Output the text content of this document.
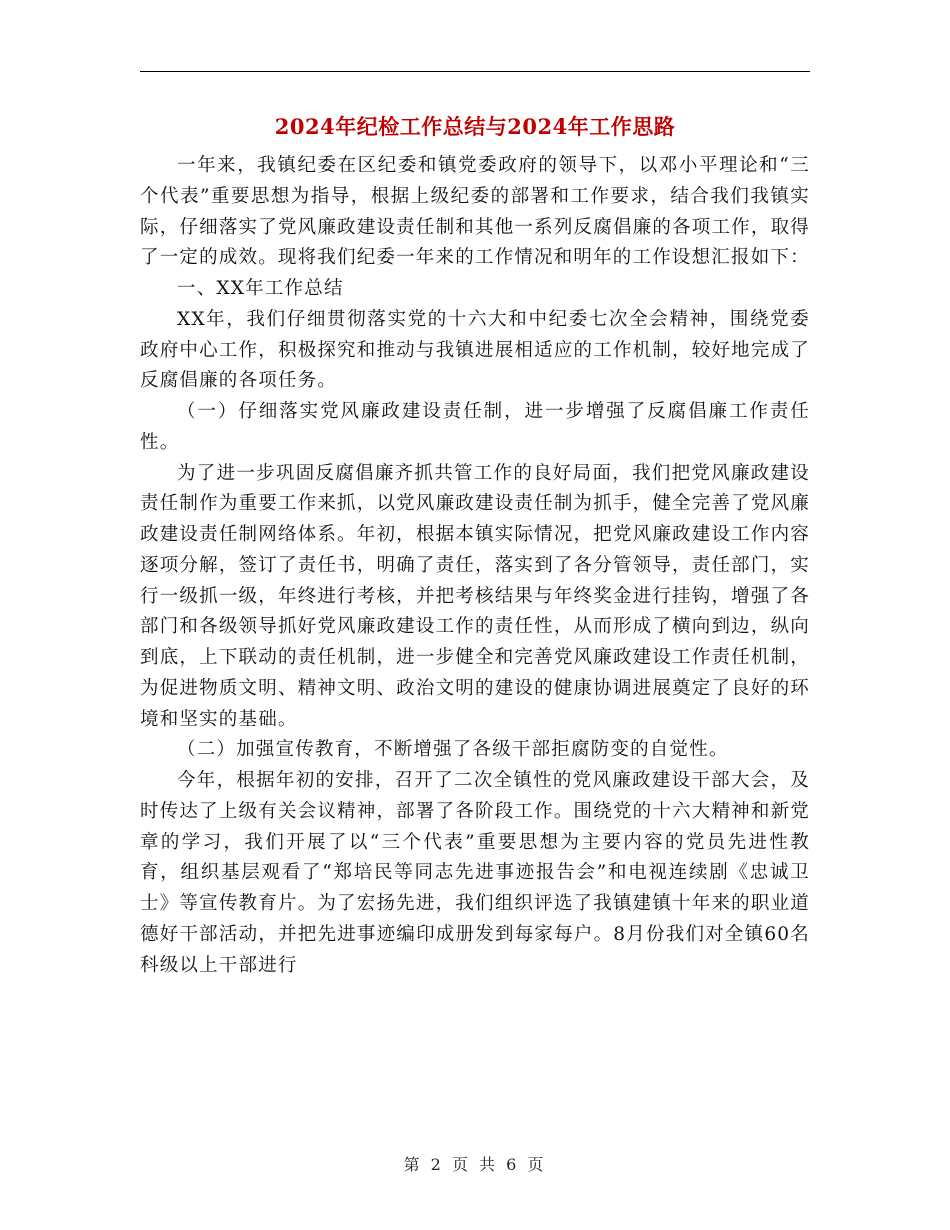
2024年纪检工作总结与2024年工作思路

一年来，我镇纪委在区纪委和镇党委政府的领导下，以邓小平理论和“三个代表”重要思想为指导，根据上级纪委的部署和工作要求，结合我们我镇实际，仔细落实了党风廉政建设责任制和其他一系列反腐倡廉的各项工作，取得了一定的成效。现将我们纪委一年来的工作情况和明年的工作设想汇报如下：

一、XX年工作总结

XX年，我们仔细贯彻落实党的十六大和中纪委七次全会精神，围绕党委政府中心工作，积极探究和推动与我镇进展相适应的工作机制，较好地完成了反腐倡廉的各项任务。

（一）仔细落实党风廉政建设责任制，进一步增强了反腐倡廉工作责任性。

为了进一步巩固反腐倡廉齐抓共管工作的良好局面，我们把党风廉政建设责任制作为重要工作来抓，以党风廉政建设责任制为抓手，健全完善了党风廉政建设责任制网络体系。年初，根据本镇实际情况，把党风廉政建设工作内容逐项分解，签订了责任书，明确了责任，落实到了各分管领导，责任部门，实行一级抓一级，年终进行考核，并把考核结果与年终奖金进行挂钩，增强了各部门和各级领导抓好党风廉政建设工作的责任性，从而形成了横向到边，纵向到底，上下联动的责任机制，进一步健全和完善党风廉政建设工作责任机制，为促进物质文明、精神文明、政治文明的建设的健康协调进展奠定了良好的环境和坚实的基础。

（二）加强宣传教育，不断增强了各级干部拒腐防变的自觉性。

今年，根据年初的安排，召开了二次全镇性的党风廉政建设干部大会，及时传达了上级有关会议精神，部署了各阶段工作。围绕党的十六大精神和新党章的学习，我们开展了以“三个代表”重要思想为主要内容的党员先进性教育，组织基层观看了“郑培民等同志先进事迹报告会”和电视连续剧《忠诚卫士》等宣传教育片。为了宏扬先进，我们组织评选了我镇建镇十年来的职业道德好干部活动，并把先进事迹编印成册发到每家每户。8月份我们对全镇60名科级以上干部进行

第 2 页 共 6 页
